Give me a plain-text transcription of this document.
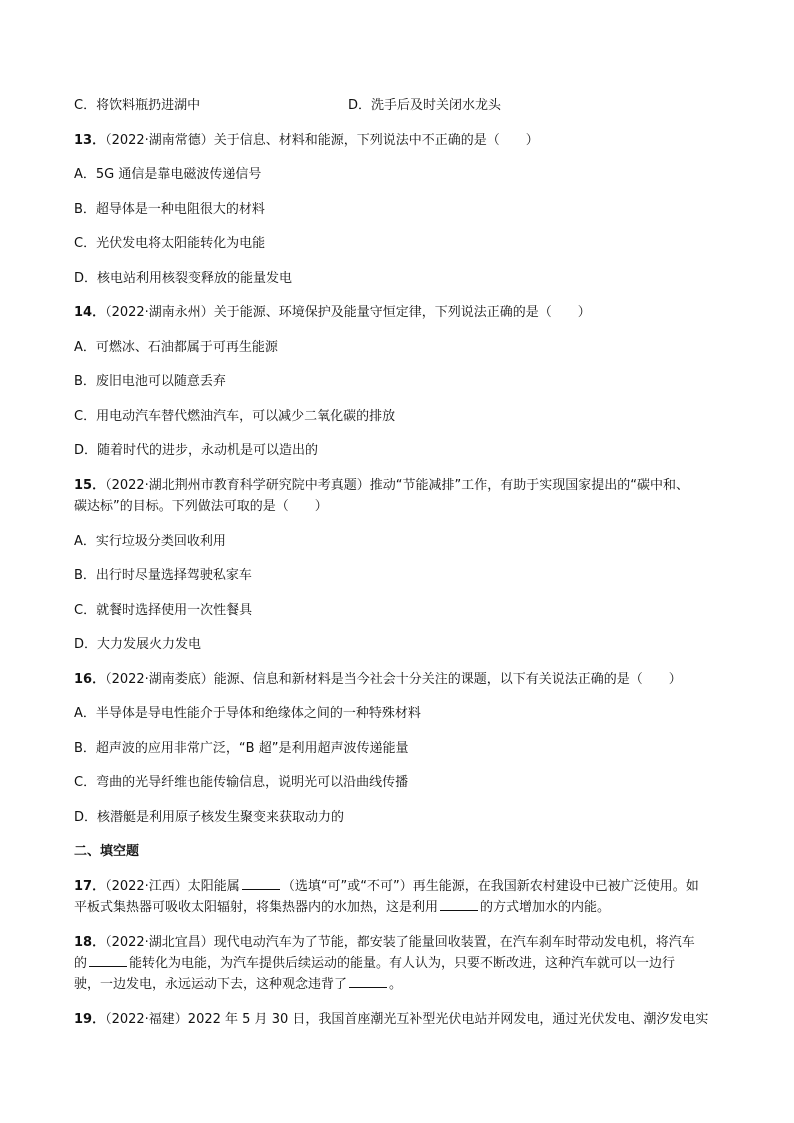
C．将饮料瓶扔进湖中	D．洗手后及时关闭水龙头
13．（2022·湖南常德）关于信息、材料和能源，下列说法中不正确的是（　　）
A．5G 通信是靠电磁波传递信号
B．超导体是一种电阻很大的材料
C．光伏发电将太阳能转化为电能
D．核电站利用核裂变释放的能量发电
14．（2022·湖南永州）关于能源、环境保护及能量守恒定律，下列说法正确的是（　　）
A．可燃冰、石油都属于可再生能源
B．废旧电池可以随意丢弃
C．用电动汽车替代燃油汽车，可以减少二氧化碳的排放
D．随着时代的进步，永动机是可以造出的
15．（2022·湖北荆州市教育科学研究院中考真题）推动“节能减排”工作，有助于实现国家提出的“碳中和、
碳达标”的目标。下列做法可取的是（　　）
A．实行垃圾分类回收利用
B．出行时尽量选择驾驶私家车
C．就餐时选择使用一次性餐具
D．大力发展火力发电
16．（2022·湖南娄底）能源、信息和新材料是当今社会十分关注的课题，以下有关说法正确的是（　　）
A．半导体是导电性能介于导体和绝缘体之间的一种特殊材料
B．超声波的应用非常广泛，“B 超”是利用超声波传递能量
C．弯曲的光导纤维也能传输信息，说明光可以沿曲线传播
D．核潜艇是利用原子核发生聚变来获取动力的
二、填空题
17．（2022·江西）太阳能属	（选填“可”或“不可”）再生能源，在我国新农村建设中已被广泛使用。如
平板式集热器可吸收太阳辐射，将集热器内的水加热，这是利用	的方式增加水的内能。
18．（2022·湖北宜昌）现代电动汽车为了节能，都安装了能量回收装置，在汽车刹车时带动发电机，将汽车
的	能转化为电能，为汽车提供后续运动的能量。有人认为，只要不断改进，这种汽车就可以一边行
驶，一边发电，永远运动下去，这种观念违背了	。
19．（2022·福建）2022 年 5 月 30 日，我国首座潮光互补型光伏电站并网发电，通过光伏发电、潮汐发电实
